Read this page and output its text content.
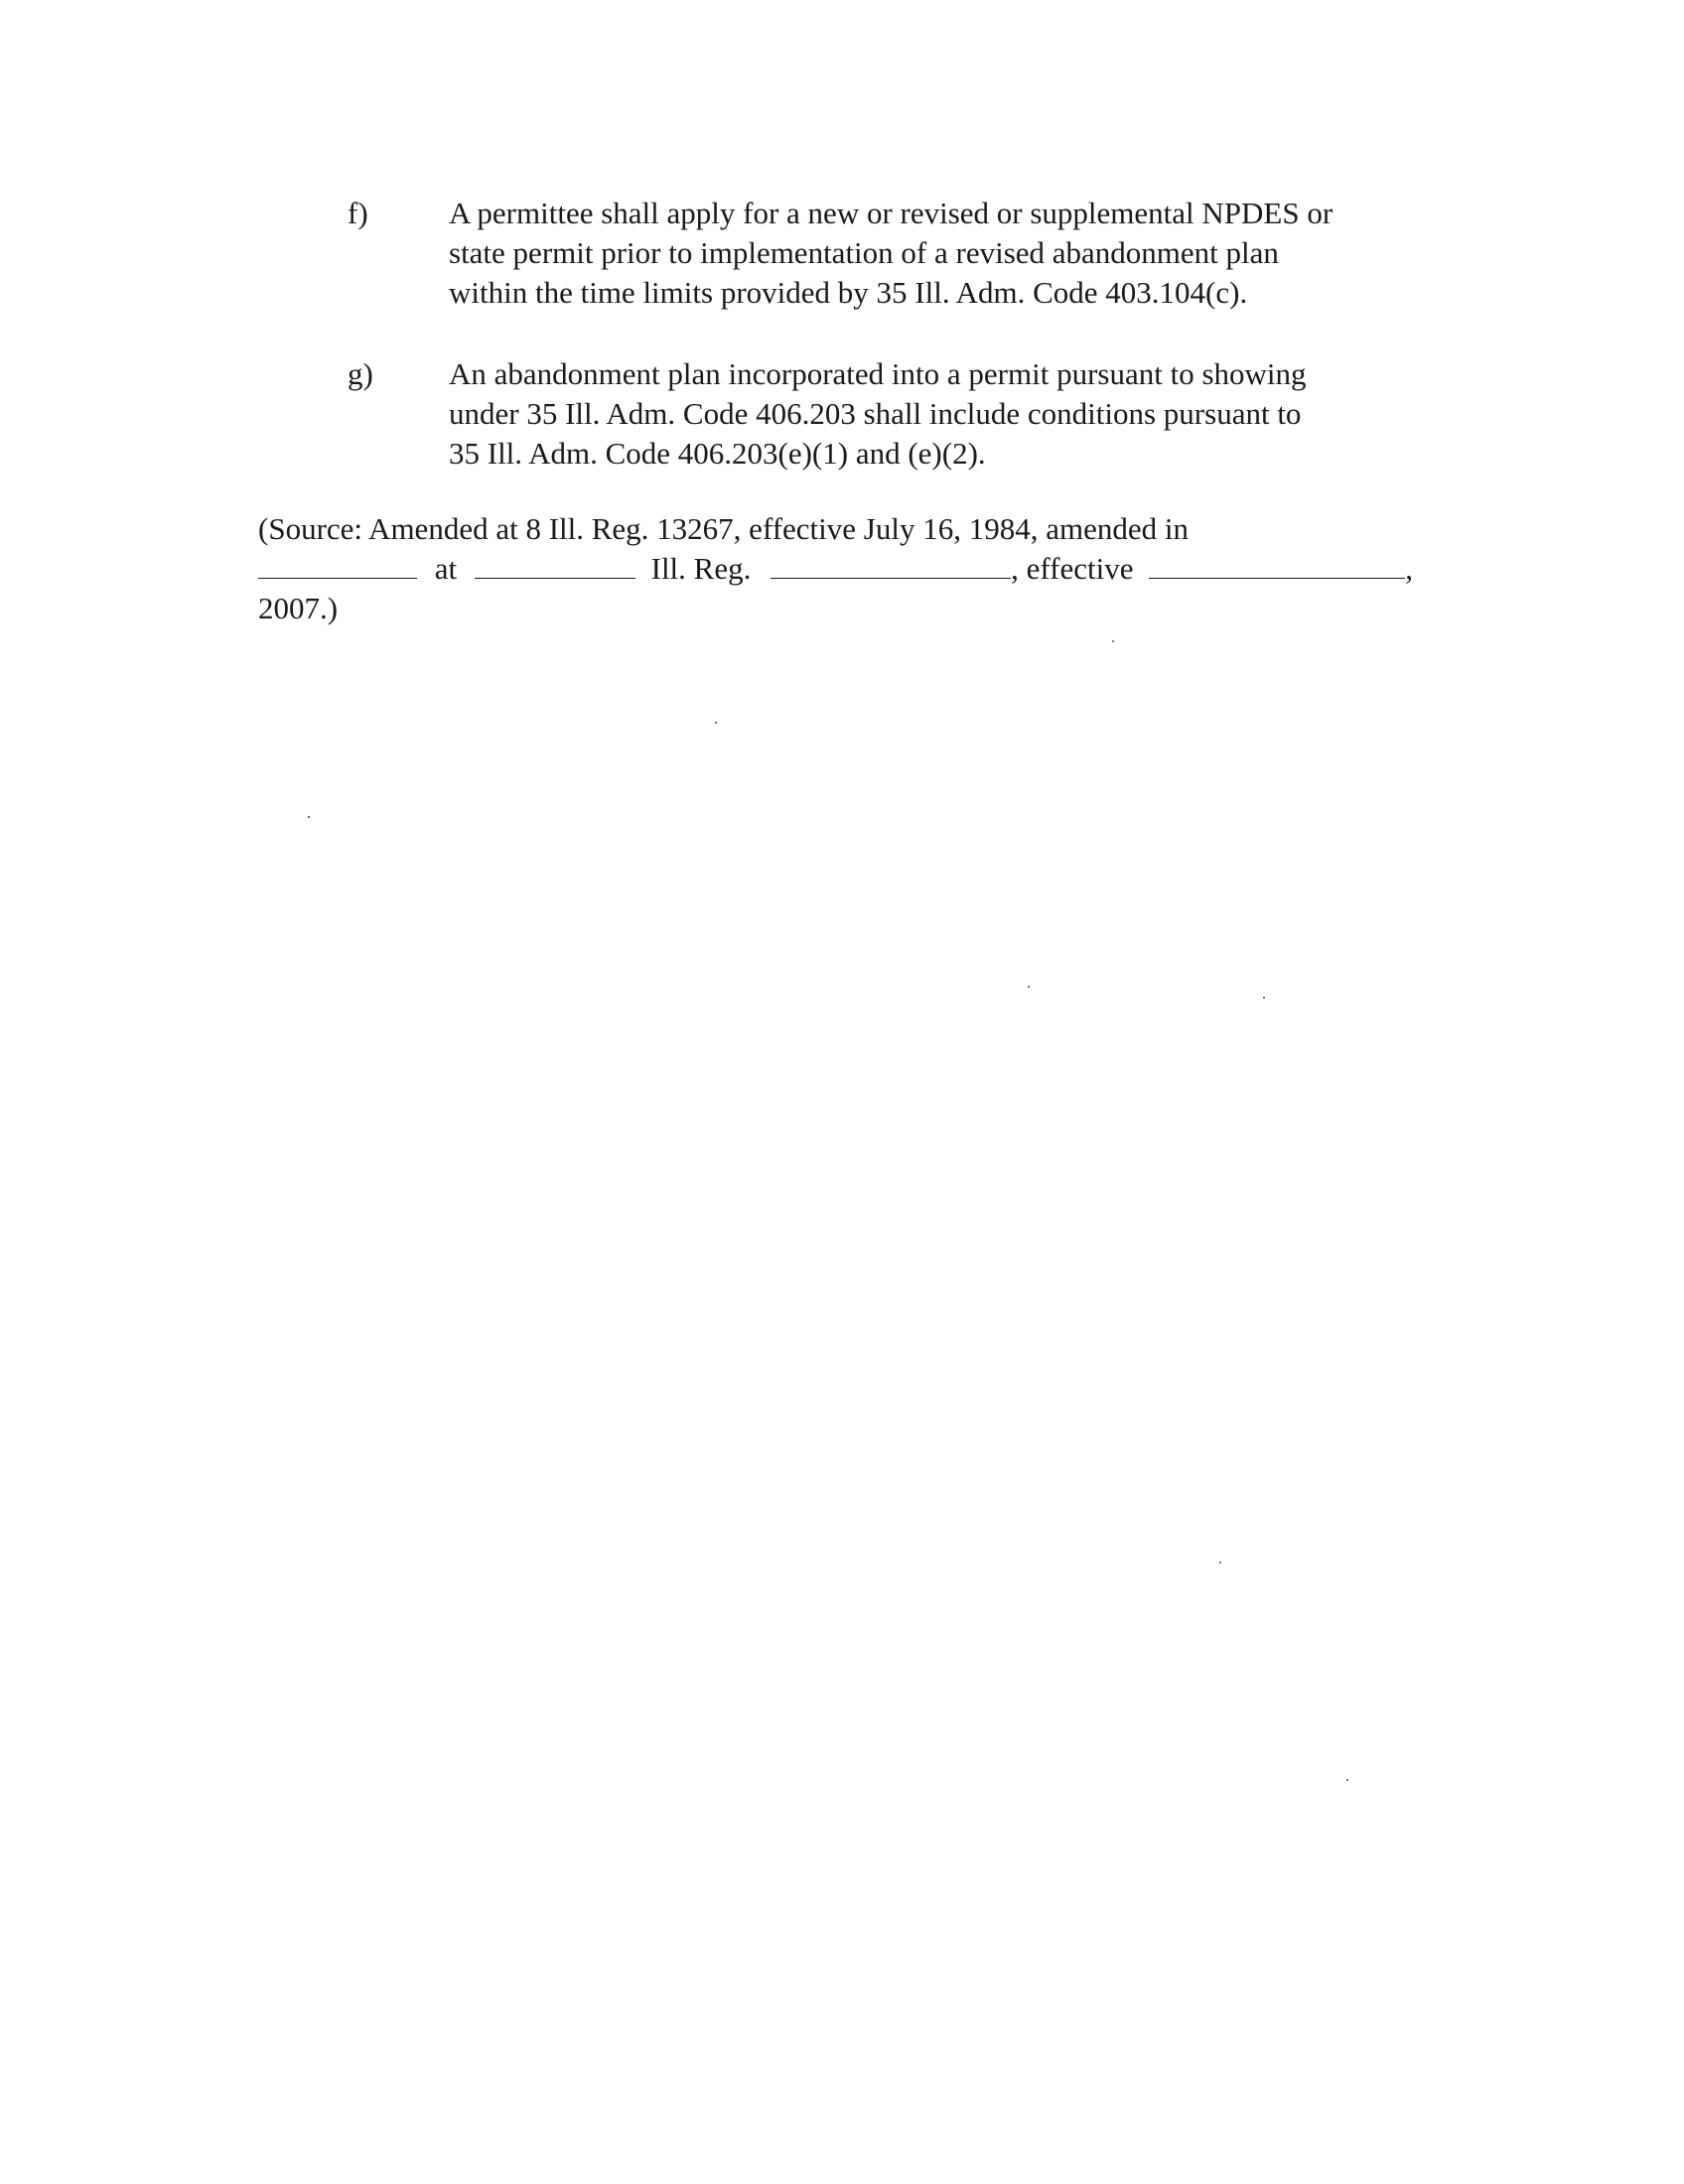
f)	A permittee shall apply for a new or revised or supplemental NPDES or
state permit prior to implementation of a revised abandonment plan
within the time limits provided by 35 Ill. Adm. Code 403.104(c).
g) An abandonment plan incorporated into a permit pursuant to showing
under 35 Ill. Adm. Code 406.203 shall include conditions pursuant to
35 Ill. Adm. Code 406.203(e)(1) and (e)(2).
(Source: Amended at 8 Ill. Reg. 13267, effective July 16, 1984, amended in
at	Ill. Reg.	, effective	,
2007.)
